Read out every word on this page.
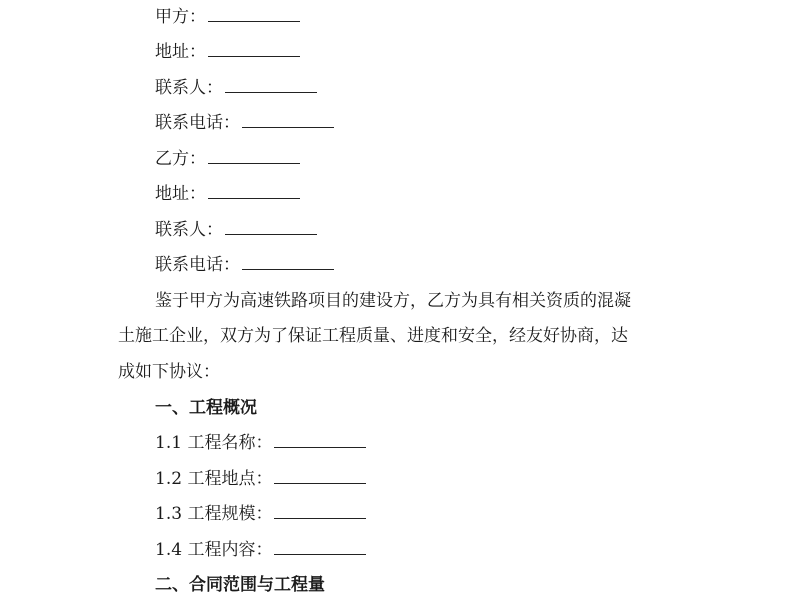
甲方：
地址：
联系人：
联系电话：
乙方：
地址：
联系人：
联系电话：
鉴于甲方为高速铁路项目的建设方，乙方为具有相关资质的混凝
土施工企业，双方为了保证工程质量、进度和安全，经友好协商，达
成如下协议：
一、工程概况
1.1 工程名称：
1.2 工程地点：
1.3 工程规模：
1.4 工程内容：
二、合同范围与工程量
